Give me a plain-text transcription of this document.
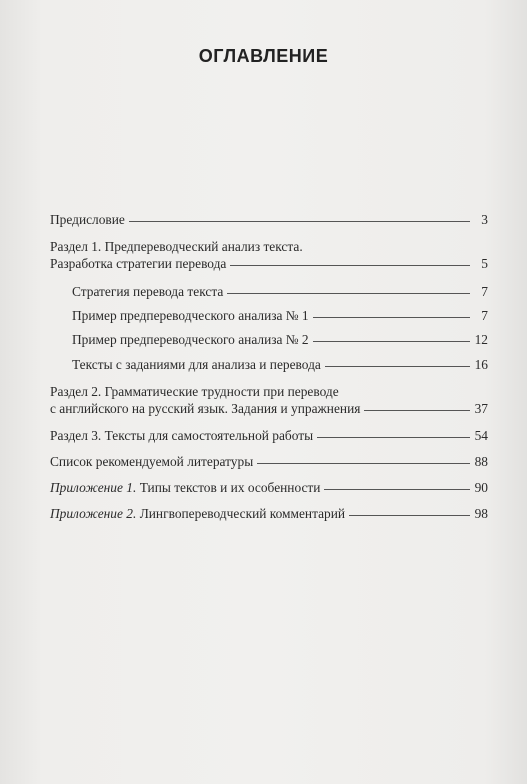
ОГЛАВЛЕНИЕ
Предисловие	3
Раздел 1. Предпереводческий анализ текста.
Разработка стратегии перевода	5
Стратегия перевода текста	7
Пример предпереводческого анализа № 1	7
Пример предпереводческого анализа № 2	12
Тексты с заданиями для анализа и перевода	16
Раздел 2. Грамматические трудности при переводе
с английского на русский язык. Задания и упражнения	37
Раздел 3. Тексты для самостоятельной работы	54
Список рекомендуемой литературы	88
Приложение 1. Типы текстов и их особенности	90
Приложение 2. Лингвопереводческий комментарий	98
